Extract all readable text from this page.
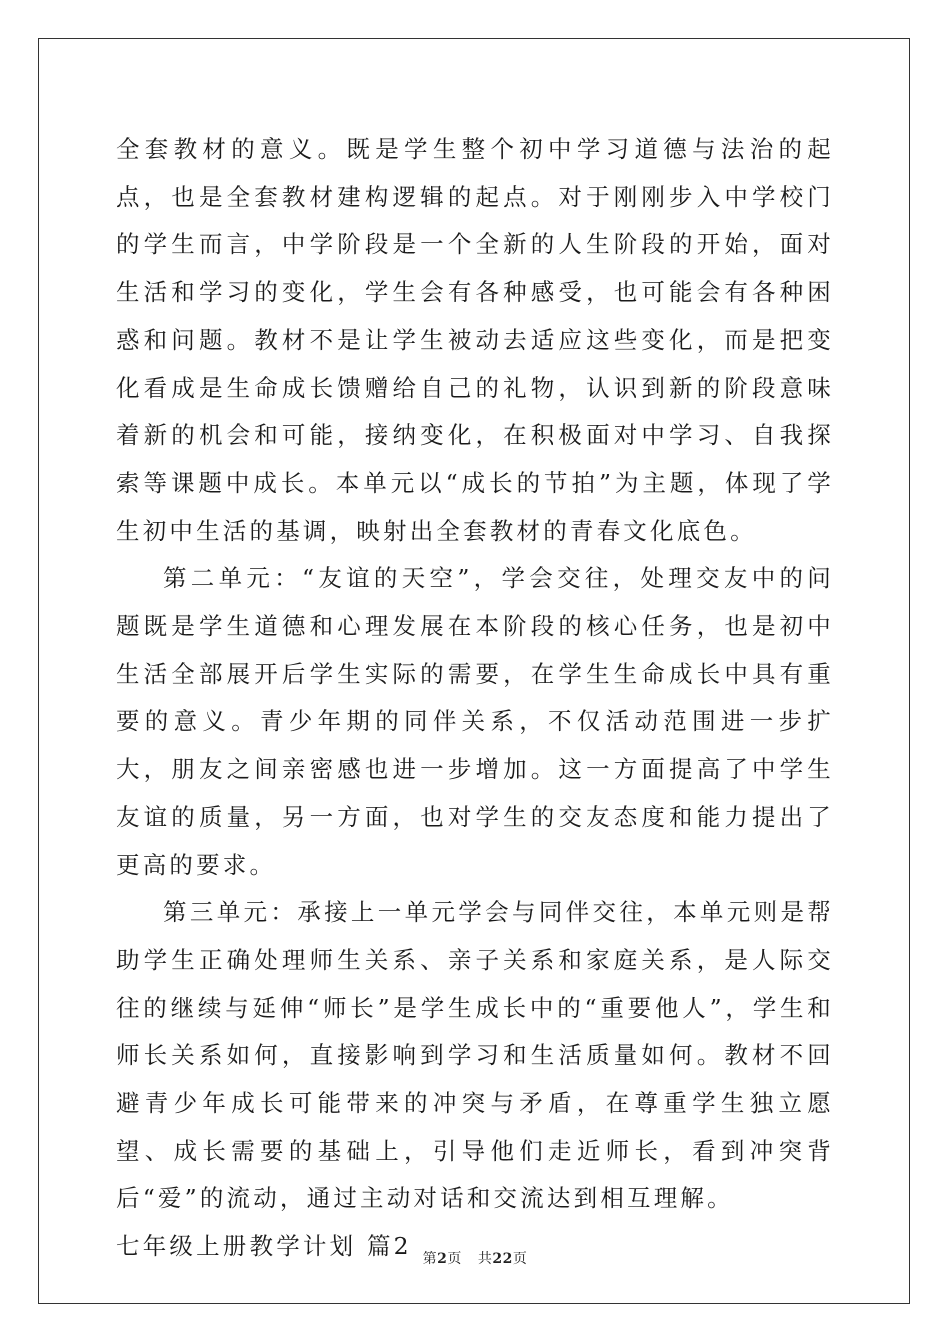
全套教材的意义。既是学生整个初中学习道德与法治的起点，也是全套教材建构逻辑的起点。对于刚刚步入中学校门的学生而言，中学阶段是一个全新的人生阶段的开始，面对生活和学习的变化，学生会有各种感受，也可能会有各种困惑和问题。教材不是让学生被动去适应这些变化，而是把变化看成是生命成长馈赠给自己的礼物，认识到新的阶段意味着新的机会和可能，接纳变化，在积极面对中学习、自我探索等课题中成长。本单元以“成长的节拍”为主题，体现了学生初中生活的基调，映射出全套教材的青春文化底色。

第二单元：“友谊的天空”，学会交往，处理交友中的问题既是学生道德和心理发展在本阶段的核心任务，也是初中生活全部展开后学生实际的需要，在学生生命成长中具有重要的意义。青少年期的同伴关系，不仅活动范围进一步扩大，朋友之间亲密感也进一步增加。这一方面提高了中学生友谊的质量，另一方面，也对学生的交友态度和能力提出了更高的要求。

第三单元：承接上一单元学会与同伴交往，本单元则是帮助学生正确处理师生关系、亲子关系和家庭关系，是人际交往的继续与延伸“师长”是学生成长中的“重要他人”，学生和师长关系如何，直接影响到学习和生活质量如何。教材不回避青少年成长可能带来的冲突与矛盾，在尊重学生独立愿望、成长需要的基础上，引导他们走近师长，看到冲突背后“爱”的流动，通过主动对话和交流达到相互理解。

七年级上册教学计划 篇2 第2页 共22页
